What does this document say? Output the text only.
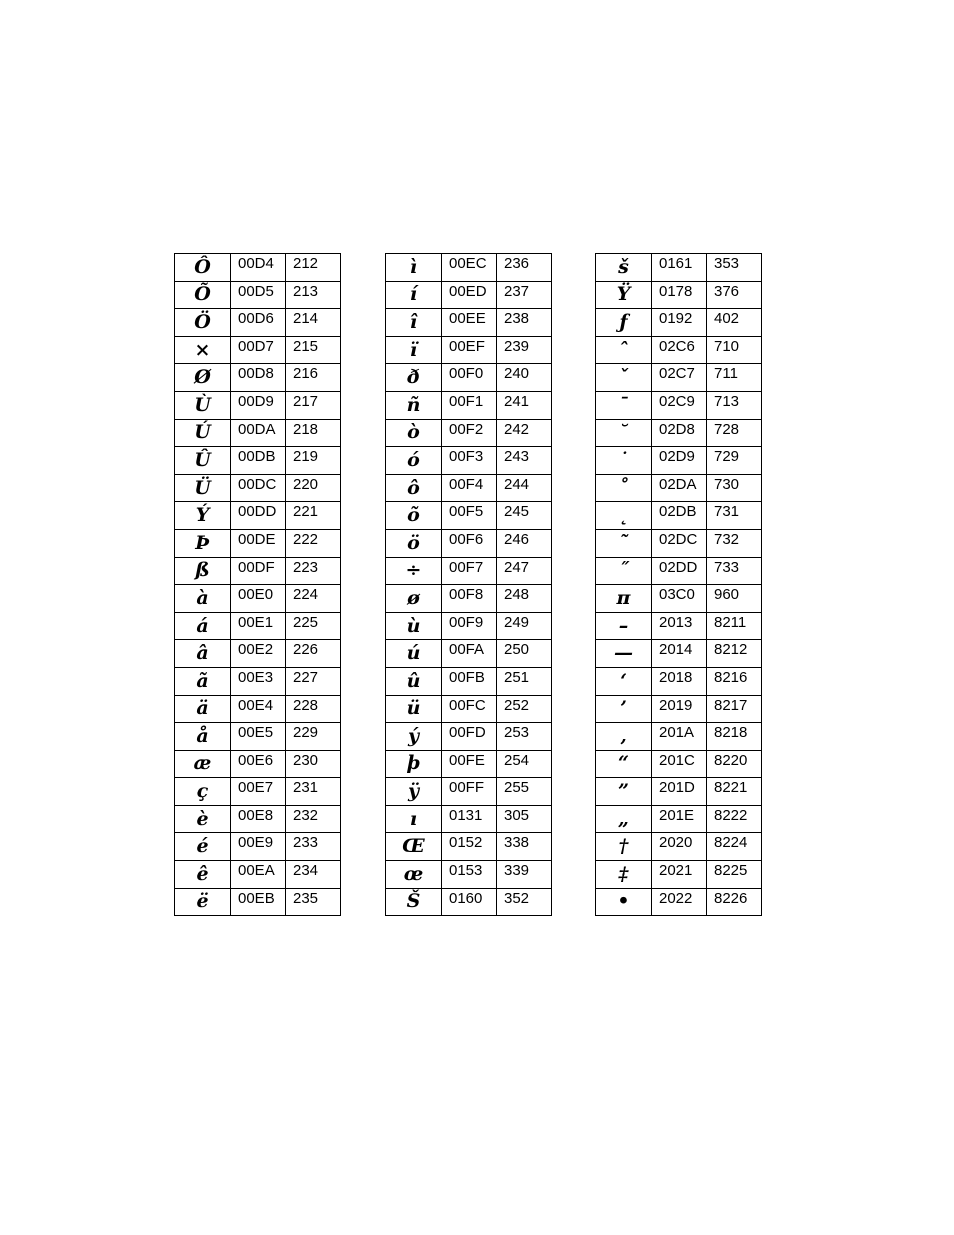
Ô	00D4	212
Õ	00D5	213
Ö	00D6	214
×	00D7	215
Ø	00D8	216
Ù	00D9	217
Ú	00DA	218
Û	00DB	219
Ü	00DC	220
Ý	00DD	221
Þ	00DE	222
ß	00DF	223
à	00E0	224
á	00E1	225
â	00E2	226
ã	00E3	227
ä	00E4	228
å	00E5	229
æ	00E6	230
ç	00E7	231
è	00E8	232
é	00E9	233
ê	00EA	234
ë	00EB	235
ì	00EC	236
í	00ED	237
î	00EE	238
ï	00EF	239
ð	00F0	240
ñ	00F1	241
ò	00F2	242
ó	00F3	243
ô	00F4	244
õ	00F5	245
ö	00F6	246
÷	00F7	247
ø	00F8	248
ù	00F9	249
ú	00FA	250
û	00FB	251
ü	00FC	252
ý	00FD	253
þ	00FE	254
ÿ	00FF	255
ı	0131	305
Œ	0152	338
œ	0153	339
Š	0160	352
š	0161	353
Ÿ	0178	376
ƒ	0192	402
ˆ	02C6	710
ˇ	02C7	711
ˉ	02C9	713
˘	02D8	728
˙	02D9	729
˚	02DA	730
˛	02DB	731
˜	02DC	732
˝	02DD	733
π	03C0	960
–	2013	8211
—	2014	8212
‘	2018	8216
’	2019	8217
‚	201A	8218
“	201C	8220
”	201D	8221
„	201E	8222
†	2020	8224
‡	2021	8225
•	2022	8226
